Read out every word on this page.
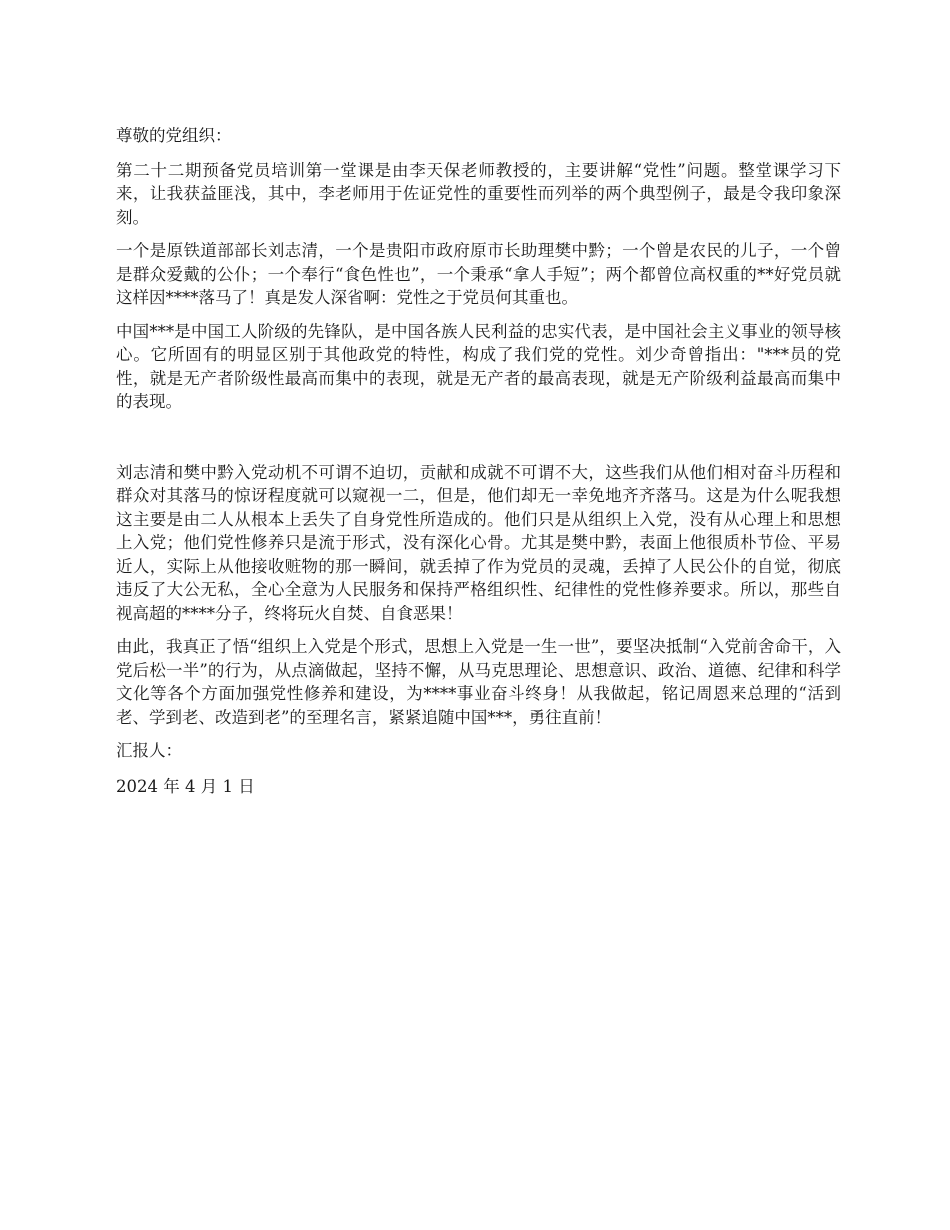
尊敬的党组织：

第二十二期预备党员培训第一堂课是由李天保老师教授的，主要讲解“党性”问题。整堂课学习下来，让我获益匪浅，其中，李老师用于佐证党性的重要性而列举的两个典型例子，最是令我印象深刻。

一个是原铁道部部长刘志清，一个是贵阳市政府原市长助理樊中黔；一个曾是农民的儿子，一个曾是群众爱戴的公仆；一个奉行“食色性也”，一个秉承“拿人手短”；两个都曾位高权重的**好党员就这样因****落马了！真是发人深省啊：党性之于党员何其重也。

中国***是中国工人阶级的先锋队，是中国各族人民利益的忠实代表，是中国社会主义事业的领导核心。它所固有的明显区别于其他政党的特性，构成了我们党的党性。刘少奇曾指出："***员的党性，就是无产者阶级性最高而集中的表现，就是无产者的最高表现，就是无产阶级利益最高而集中的表现。

刘志清和樊中黔入党动机不可谓不迫切，贡献和成就不可谓不大，这些我们从他们相对奋斗历程和群众对其落马的惊讶程度就可以窥视一二，但是，他们却无一幸免地齐齐落马。这是为什么呢我想这主要是由二人从根本上丢失了自身党性所造成的。他们只是从组织上入党，没有从心理上和思想上入党；他们党性修养只是流于形式，没有深化心骨。尤其是樊中黔，表面上他很质朴节俭、平易近人，实际上从他接收赃物的那一瞬间，就丢掉了作为党员的灵魂，丢掉了人民公仆的自觉，彻底违反了大公无私，全心全意为人民服务和保持严格组织性、纪律性的党性修养要求。所以，那些自视高超的****分子，终将玩火自焚、自食恶果！

由此，我真正了悟“组织上入党是个形式，思想上入党是一生一世”，要坚决抵制“入党前舍命干，入党后松一半”的行为，从点滴做起，坚持不懈，从马克思理论、思想意识、政治、道德、纪律和科学文化等各个方面加强党性修养和建设，为****事业奋斗终身！从我做起，铭记周恩来总理的“活到老、学到老、改造到老”的至理名言，紧紧追随中国***，勇往直前！

汇报人：

2024 年 4 月 1 日
